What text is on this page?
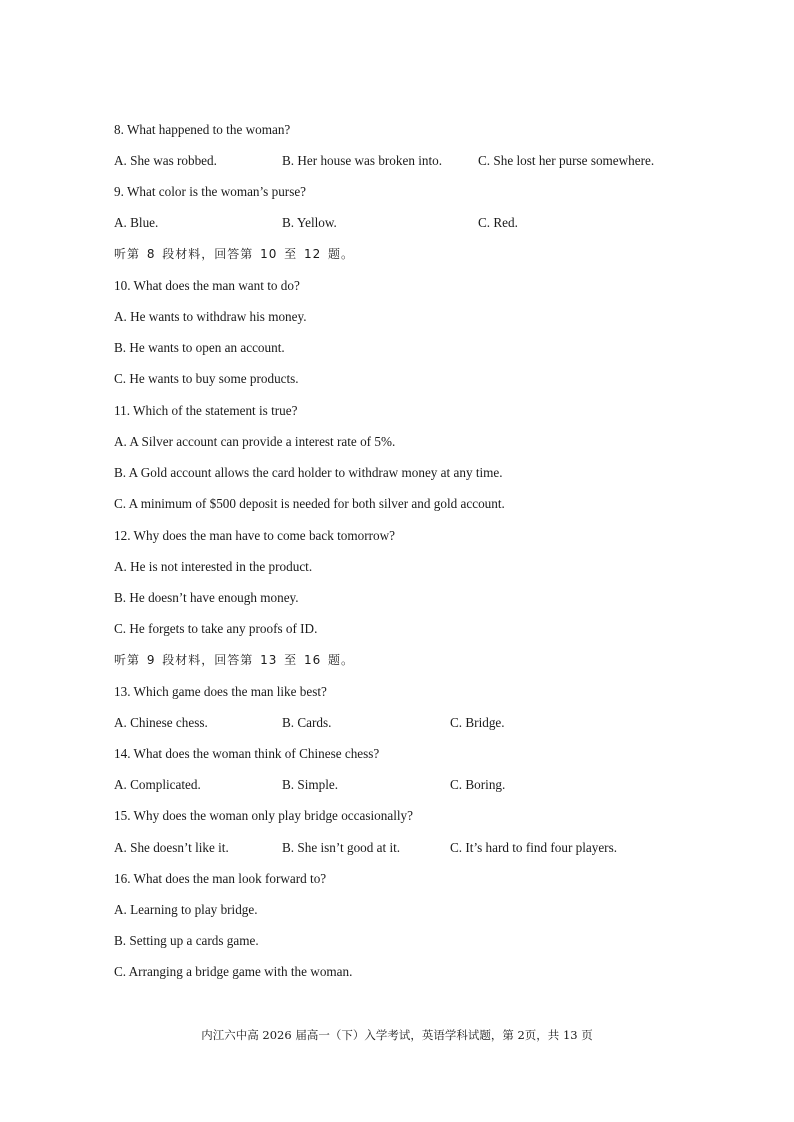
8. What happened to the woman?
A. She was robbed.	B. Her house was broken into.	C. She lost her purse somewhere.
9. What color is the woman’s purse?
A. Blue.	B. Yellow.	C. Red.
听第 8 段材料，回答第 10 至 12 题。
10. What does the man want to do?
A. He wants to withdraw his money.
B. He wants to open an account.
C. He wants to buy some products.
11. Which of the statement is true?
A. A Silver account can provide a interest rate of 5%.
B. A Gold account allows the card holder to withdraw money at any time.
C. A minimum of $500 deposit is needed for both silver and gold account.
12. Why does the man have to come back tomorrow?
A. He is not interested in the product.
B. He doesn’t have enough money.
C. He forgets to take any proofs of ID.
听第 9 段材料，回答第 13 至 16 题。
13. Which game does the man like best?
A. Chinese chess.	B. Cards.	C. Bridge.
14. What does the woman think of Chinese chess?
A. Complicated.	B. Simple.	C. Boring.
15. Why does the woman only play bridge occasionally?
A. She doesn’t like it.	B. She isn’t good at it.	C. It’s hard to find four players.
16. What does the man look forward to?
A. Learning to play bridge.
B. Setting up a cards game.
C. Arranging a bridge game with the woman.
内江六中高 2026 届高一（下）入学考试，英语学科试题，第 2页，共 13 页
